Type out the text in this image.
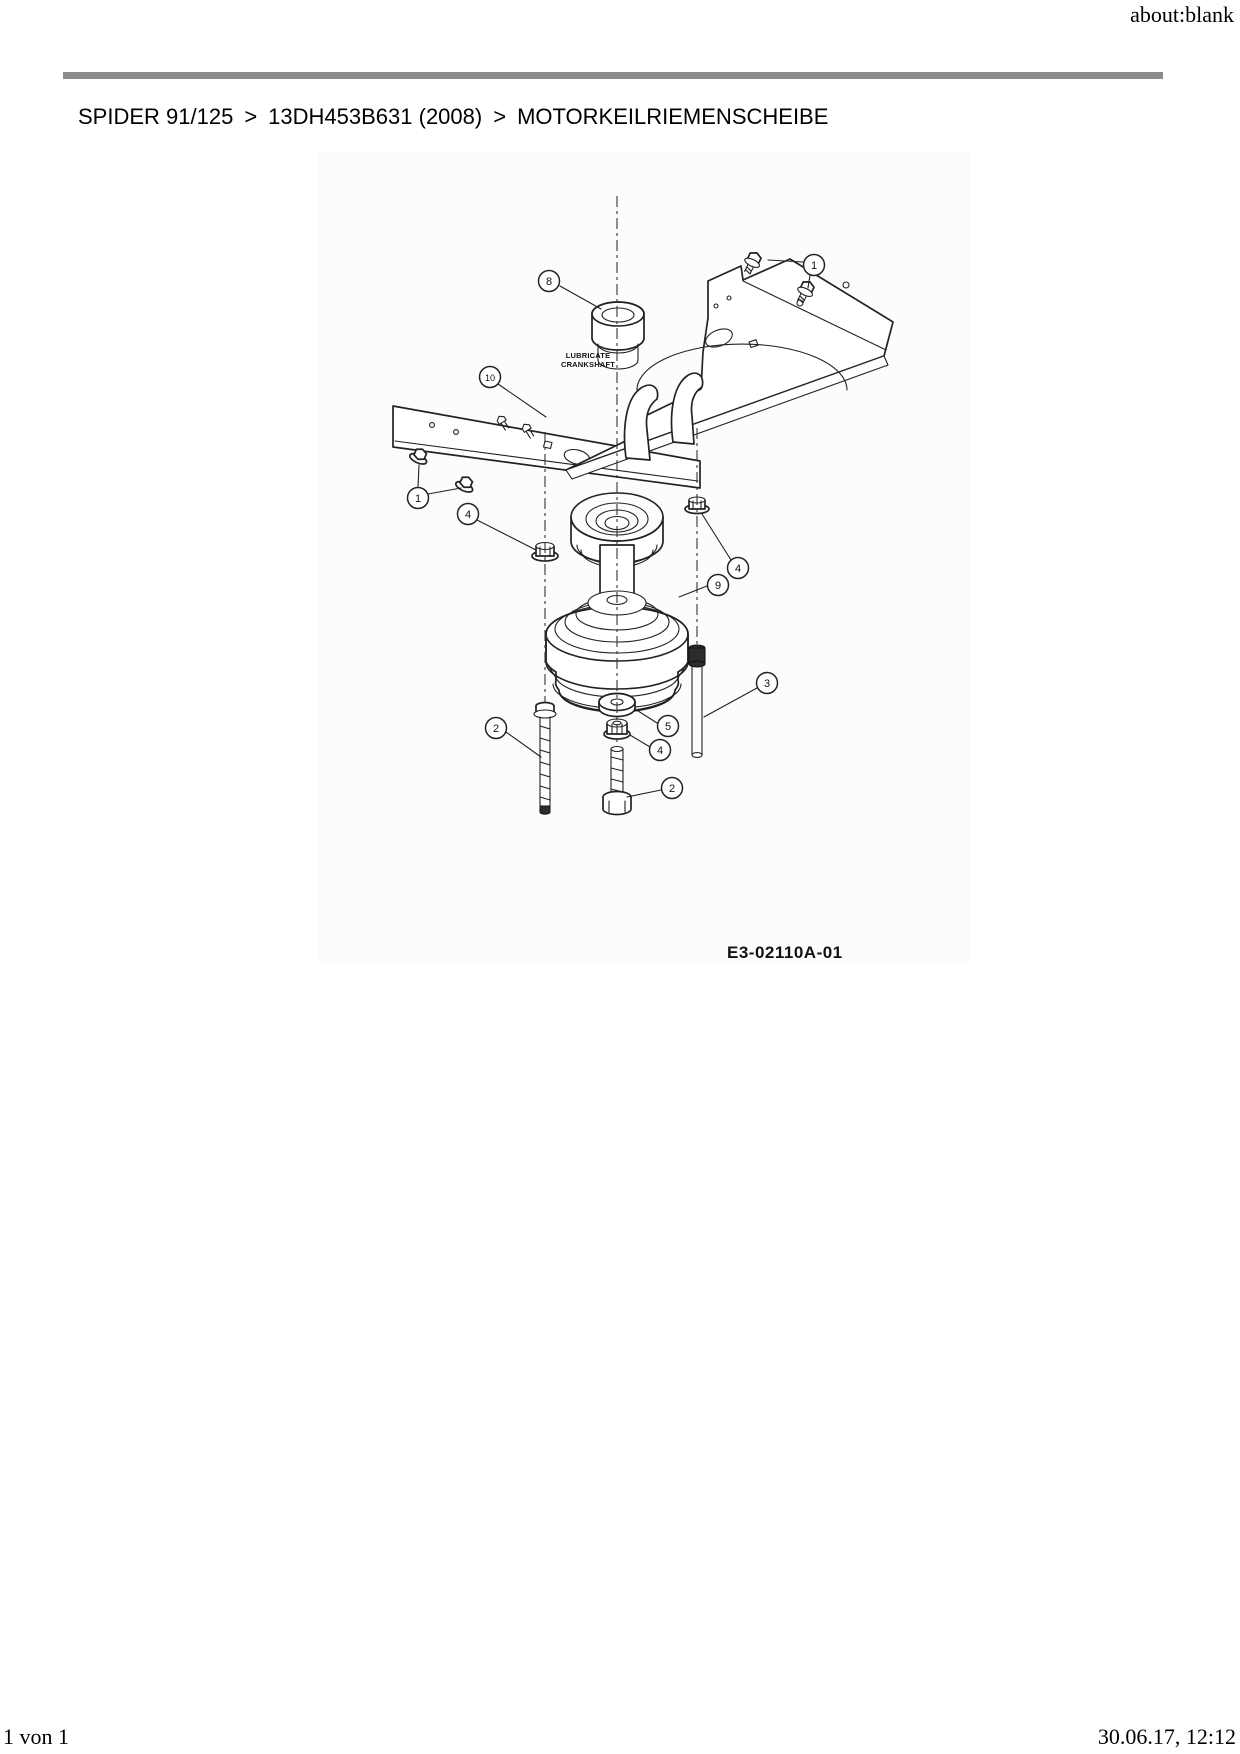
about:blank
SPIDER 91/125 > 13DH453B631 (2008) > MOTORKEILRIEMENSCHEIBE
LUBRICATE
CRANKSHAFT
E3-02110A-01
8
1
10
1
4
4
9
3
5
4
2
2
1 von 1	30.06.17, 12:12
